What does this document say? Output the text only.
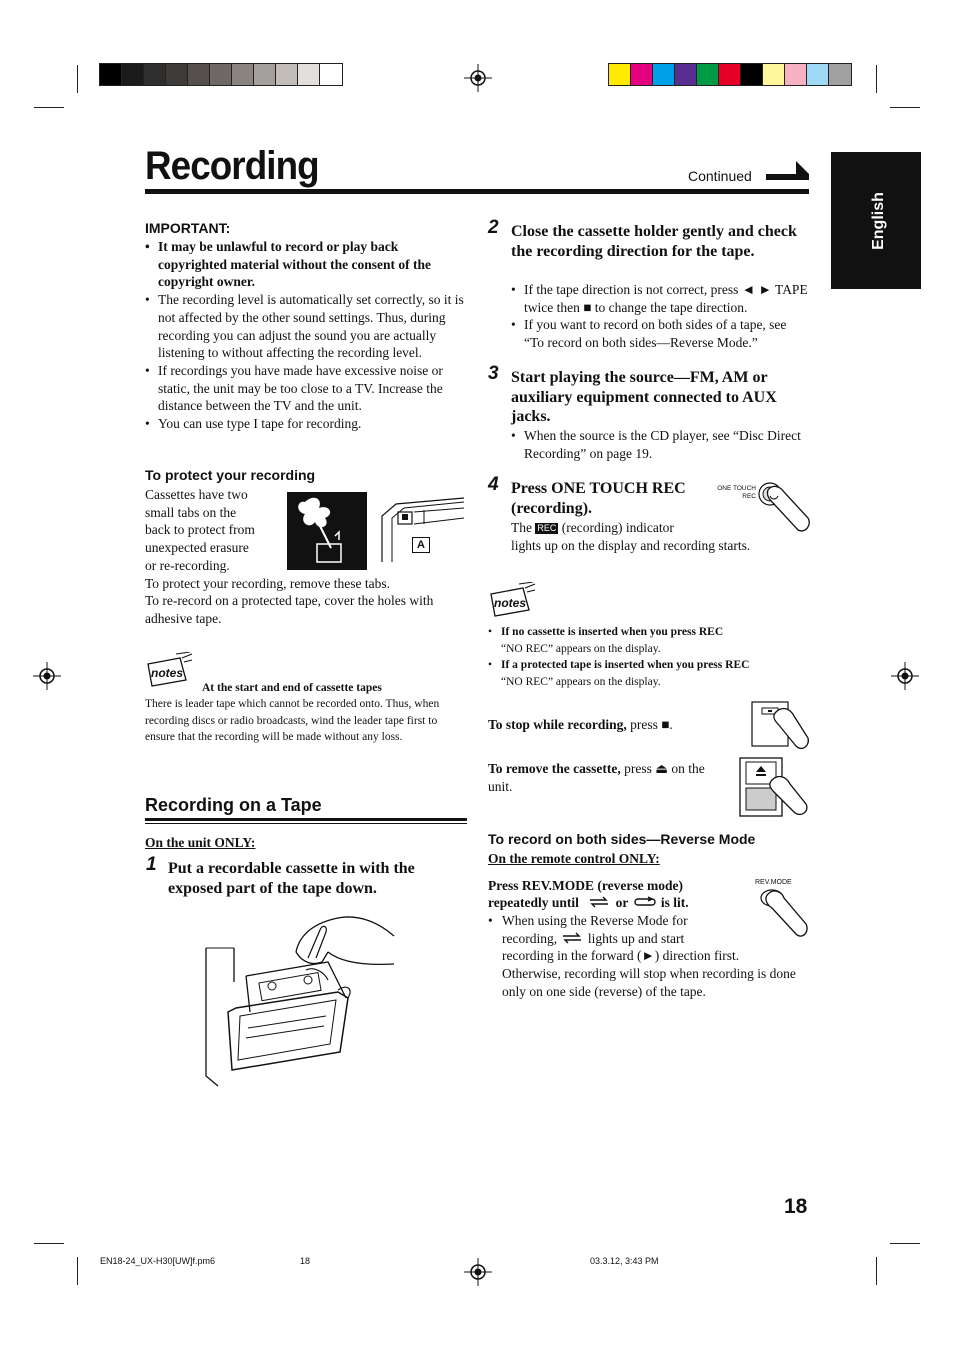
Recording	Continued
English
IMPORTANT:
• It may be unlawful to record or play back copyrighted material without the consent of the copyright owner.
• The recording level is automatically set correctly, so it is not affected by the other sound settings. Thus, during recording you can adjust the sound you are actually listening to without affecting the recording level.
• If recordings you have made have excessive noise or static, the unit may be too close to a TV. Increase the distance between the TV and the unit.
• You can use type I tape for recording.
To protect your recording
Cassettes have two
small tabs on the
back to protect from
unexpected erasure
or re-recording.
To protect your recording, remove these tabs.
To re-record on a protected tape, cover the holes with adhesive tape.
A
notes
At the start and end of cassette tapes
There is leader tape which cannot be recorded onto. Thus, when recording discs or radio broadcasts, wind the leader tape first to ensure that the recording will be made without any loss.
Recording on a Tape
On the unit ONLY:
1 Put a recordable cassette in with the exposed part of the tape down.
2 Close the cassette holder gently and check the recording direction for the tape.
• If the tape direction is not correct, press ◄ ► TAPE twice then ■ to change the tape direction.
• If you want to record on both sides of a tape, see “To record on both sides—Reverse Mode.”
3 Start playing the source—FM, AM or auxiliary equipment connected to AUX jacks.
• When the source is the CD player, see “Disc Direct Recording” on page 19.
4 Press ONE TOUCH REC (recording).
The REC (recording) indicator
lights up on the display and recording starts.
ONE TOUCH
REC
notes
• If no cassette is inserted when you press REC
“NO REC” appears on the display.
• If a protected tape is inserted when you press REC
“NO REC” appears on the display.
To stop while recording, press ■.
To remove the cassette, press ⏏ on the
unit.
To record on both sides—Reverse Mode
On the remote control ONLY:
Press REV.MODE (reverse mode)
repeatedly until	or is lit.
REV.MODE
• When using the Reverse Mode for
recording, lights up and start
recording in the forward (►) direction first. Otherwise, recording will stop when recording is done only on one side (reverse) of the tape.
18
EN18-24_UX-H30[UW]f.pm6	18	03.3.12, 3:43 PM
